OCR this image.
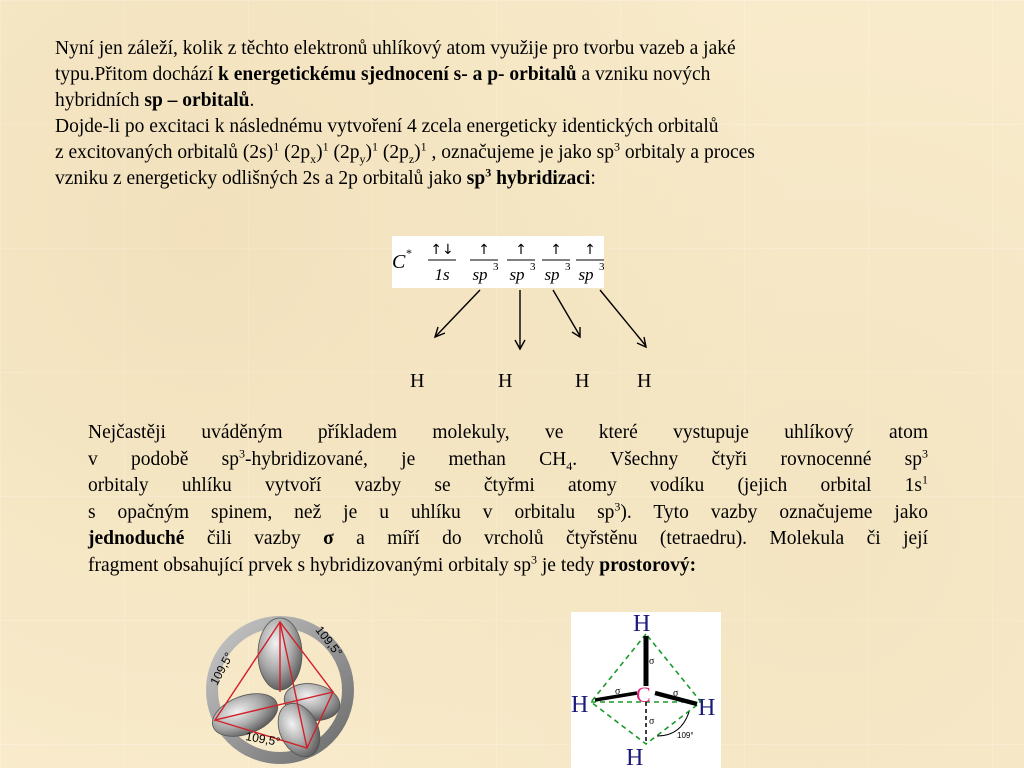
Nyní jen záleží, kolik z těchto elektronů uhlíkový atom využije pro tvorbu vazeb a jaké
typu.Přitom dochází k energetickému sjednocení s- a p- orbitalů a vzniku nových
hybridních sp – orbitalů.
Dojde-li po excitaci k následnému vytvoření 4 zcela energeticky identických orbitalů
z excitovaných orbitalů $(2s)^1$ $(2p_x)^1$ $(2p_y)^1$ $(2p_z)^1$ , označujeme je jako $sp^3$ orbitaly a proces
vzniku z energeticky odlišných 2s a 2p orbitalů jako $sp^3$ hybridizaci:
C * ↑↓
1s
↑
sp 3
↑
sp 3
↑
sp 3
↑
sp 3
H	H	H H
Nejčastěji uváděným příkladem molekuly, ve které vystupuje uhlíkový atom
v podobě $sp^3$-hybridizované, je methan $CH_4$. Všechny čtyři rovnocenné $sp^3$
orbitaly uhlíku vytvoří vazby se čtyřmi atomy vodíku (jejich orbital $1s^1$
s opačným spinem, než je u uhlíku v orbitalu $sp^3$). Tyto vazby označujeme jako
jednoduché čili vazby σ a míří do vrcholů čtyřstěnu (tetraedru). Molekula či její
fragment obsahující prvek s hybridizovanými orbitaly $sp^3$ je tedy prostorový:
109,5°
109,5°
109,5°
H
H	H
H
C
σ
σ	σ
σ
109°
